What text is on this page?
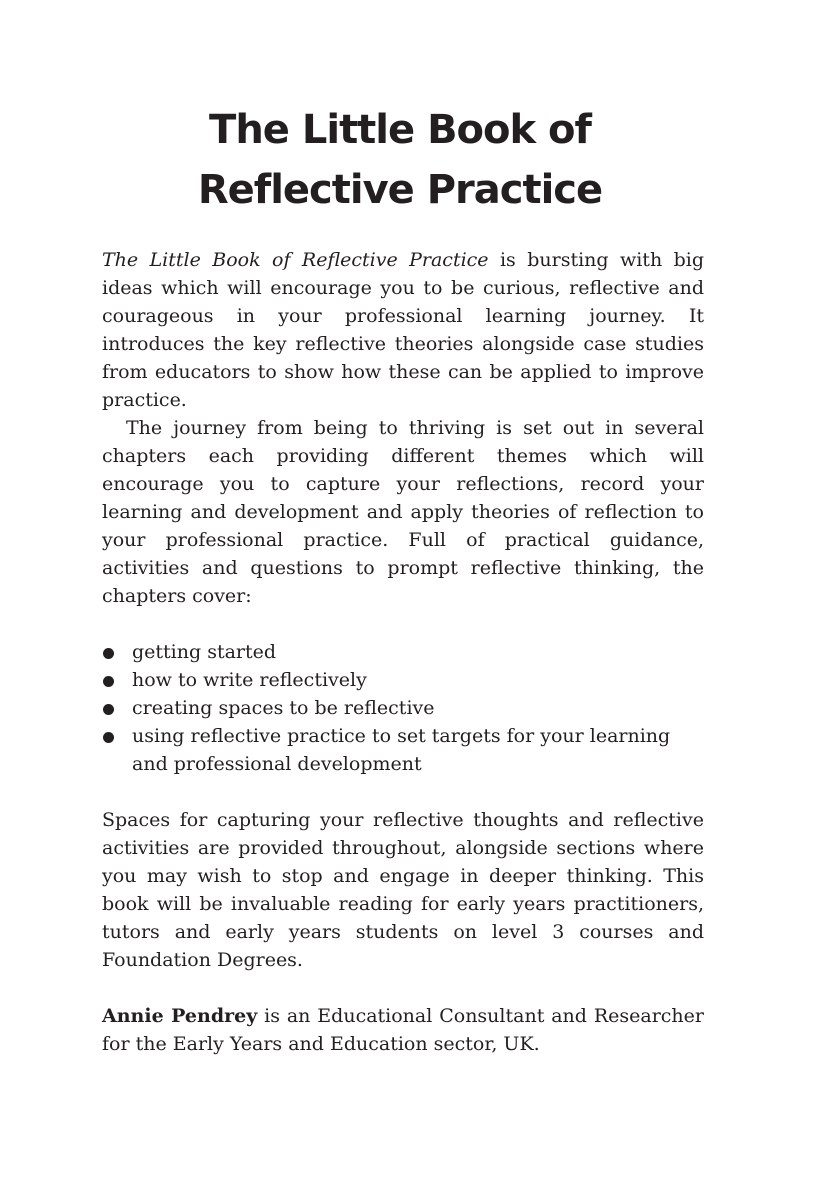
The Little Book of Reflective Practice

The Little Book of Reflective Practice is bursting with big ideas which will encourage you to be curious, reflective and courageous in your professional learning journey. It introduces the key reflective theories alongside case studies from educators to show how these can be applied to improve practice.

The journey from being to thriving is set out in several chapters each providing different themes which will encourage you to capture your reflections, record your learning and development and apply theories of reflection to your professional practice. Full of practical guidance, activities and questions to prompt reflective thinking, the chapters cover:

getting started
how to write reflectively
creating spaces to be reflective
using reflective practice to set targets for your learning and professional development

Spaces for capturing your reflective thoughts and reflective activities are provided throughout, alongside sections where you may wish to stop and engage in deeper thinking. This book will be invaluable reading for early years practitioners, tutors and early years students on level 3 courses and Foundation Degrees.

Annie Pendrey is an Educational Consultant and Researcher for the Early Years and Education sector, UK.
